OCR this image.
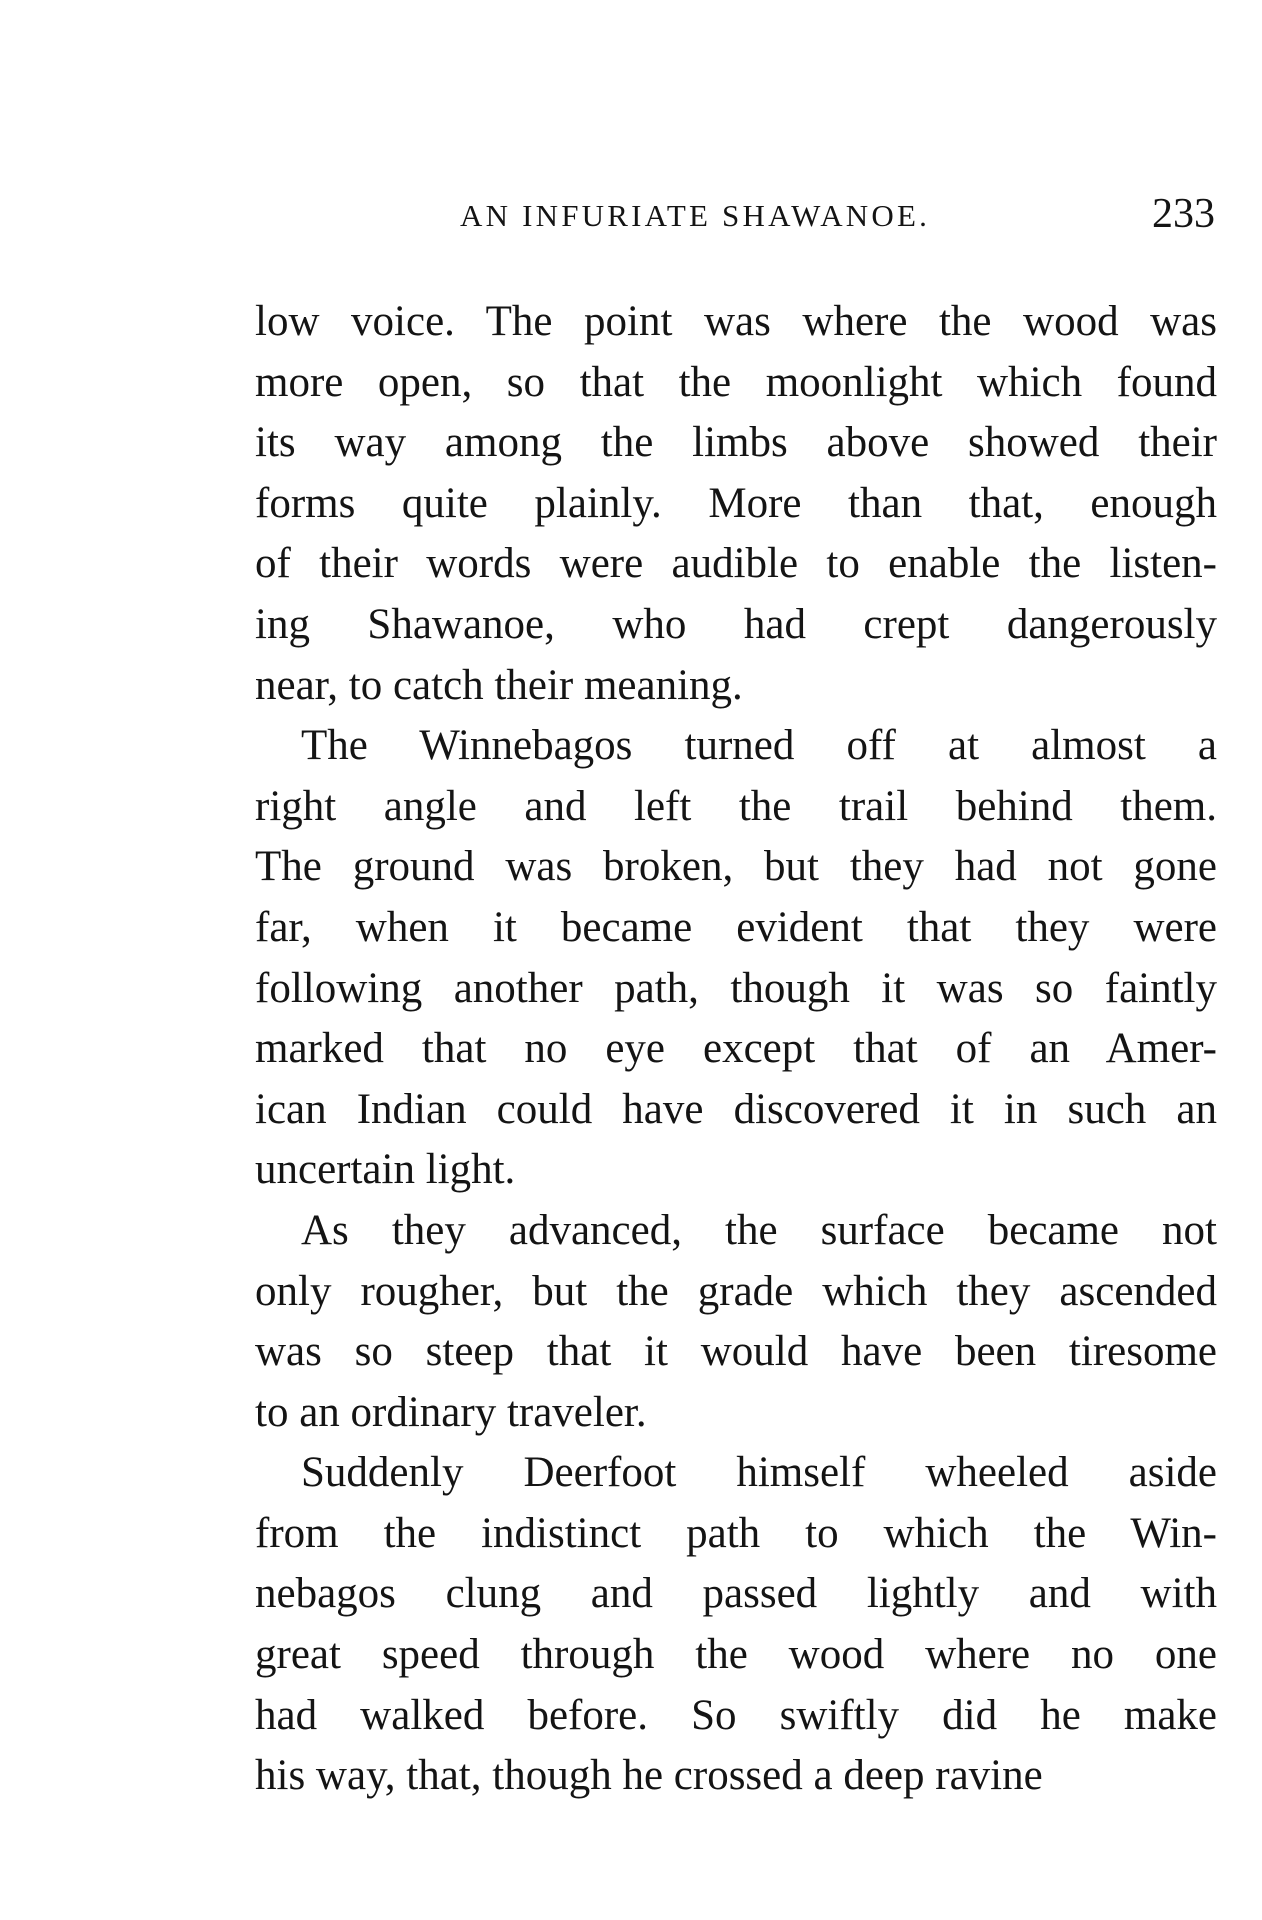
AN INFURIATE SHAWANOE.	233
low voice. The point was where the wood was
more open, so that the moonlight which found
its way among the limbs above showed their
forms quite plainly. More than that, enough
of their words were audible to enable the listen-
ing Shawanoe, who had crept dangerously
near, to catch their meaning.
The Winnebagos turned off at almost a
right angle and left the trail behind them.
The ground was broken, but they had not gone
far, when it became evident that they were
following another path, though it was so faintly
marked that no eye except that of an Amer-
ican Indian could have discovered it in such an
uncertain light.
As they advanced, the surface became not
only rougher, but the grade which they ascended
was so steep that it would have been tiresome
to an ordinary traveler.
Suddenly Deerfoot himself wheeled aside
from the indistinct path to which the Win-
nebagos clung and passed lightly and with
great speed through the wood where no one
had walked before. So swiftly did he make
his way, that, though he crossed a deep ravine
